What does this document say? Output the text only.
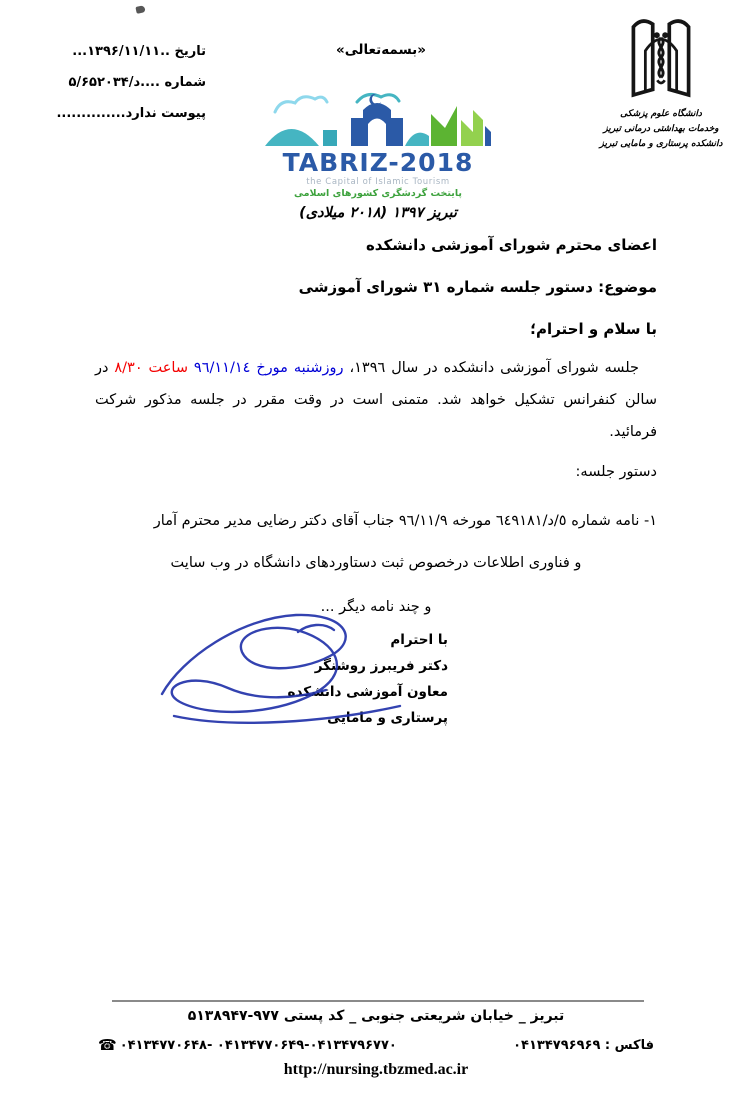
تاریخ ..۱۳۹۶/۱۱/۱۱...
شماره ....۵/د/۶۵۲۰۳۴
پیوست ندارد..............
«بسمه‌تعالی»
TABRIZ-2018
the Capital of Islamic Tourism
پایتخت گردشگری کشورهای اسلامی
تبریز ۱۳۹۷ (۲۰۱۸ میلادی)
دانشگاه علوم پزشکی
وخدمات بهداشتی درمانی تبریز
دانشکده پرستاری و مامایی تبریز

اعضای محترم شورای آموزشی دانشکده

موضوع: دستور جلسه شماره ۳۱ شورای آموزشی

با سلام و احترام؛

جلسه شورای آموزشی دانشکده در سال ١٣٩٦، روزشنبه مورخ ٩٦/١١/١٤ ساعت ٨/٣٠ در سالن کنفرانس تشکیل خواهد شد. متمنی است در وقت مقرر در جلسه مذکور شرکت فرمائید.

دستور جلسه:

۱- نامه شماره ٥/د/٦٤٩١٨١ مورخه ٩٦/١١/٩ جناب آقای دکتر رضایی مدیر محترم آمار

و فناوری اطلاعات درخصوص ثبت دستاوردهای دانشگاه در وب سایت

و چند نامه دیگر ...

با احترام
دکتر فریبرز روشنگر
معاون آموزشی دانشکده
پرستاری و مامایی
تبریز _ خیابان شریعتی جنوبی _ کد پستی ۵۱۳۸۹۴۷-۹۷۷
☎ ۰۴۱۳۴۷۷۰۶۴۸- ۰۴۱۳۴۷۷۰۶۴۹-۰۴۱۳۴۷۹۶۷۷۰	فاکس : ۰۴۱۳۴۷۹۶۹۶۹
http://nursing.tbzmed.ac.ir
